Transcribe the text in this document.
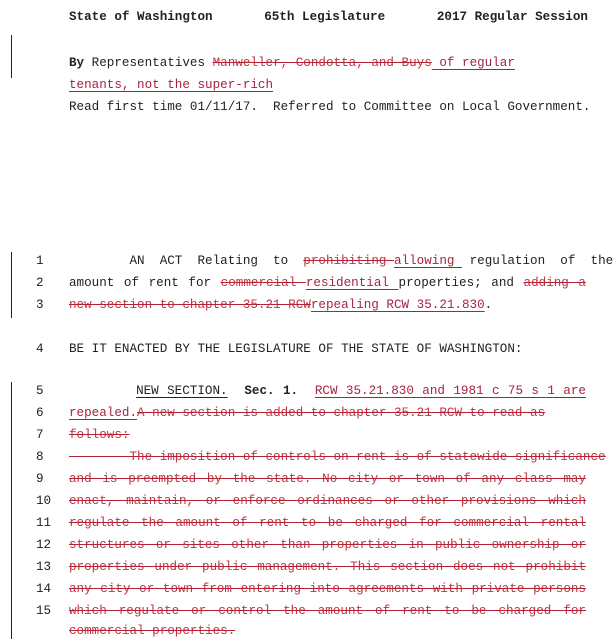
State of Washington	65th Legislature	2017 Regular Session

By Representatives Manweller, Condotta, and Buys of regular

tenants, not the super-rich

Read first time 01/11/17.  Referred to Committee on Local Government.

1	AN  ACT  Relating  to  prohibiting allowing  regulation  of  the
2	amount of rent for commercial residential properties; and adding a
3	new section to chapter 35.21 RCWrepealing RCW 35.21.830.
4	BE IT ENACTED BY THE LEGISLATURE OF THE STATE OF WASHINGTON:
5	NEW SECTION. Sec. 1. RCW 35.21.830 and 1981 c 75 s 1 are
6	repealed.A new section is added to chapter 35.21 RCW to read as
7	follows:
8	The imposition of controls on rent is of statewide significance
9	and is preempted by the state. No city or town of any class may
10 enact, maintain, or enforce ordinances or other provisions which
11 regulate the amount of rent to be charged for commercial rental
12 structures or sites other than properties in public ownership or
13 properties under public management. This section does not prohibit
14 any city or town from entering into agreements with private persons
15 which regulate or control the amount of rent to be charged for
commercial properties.
